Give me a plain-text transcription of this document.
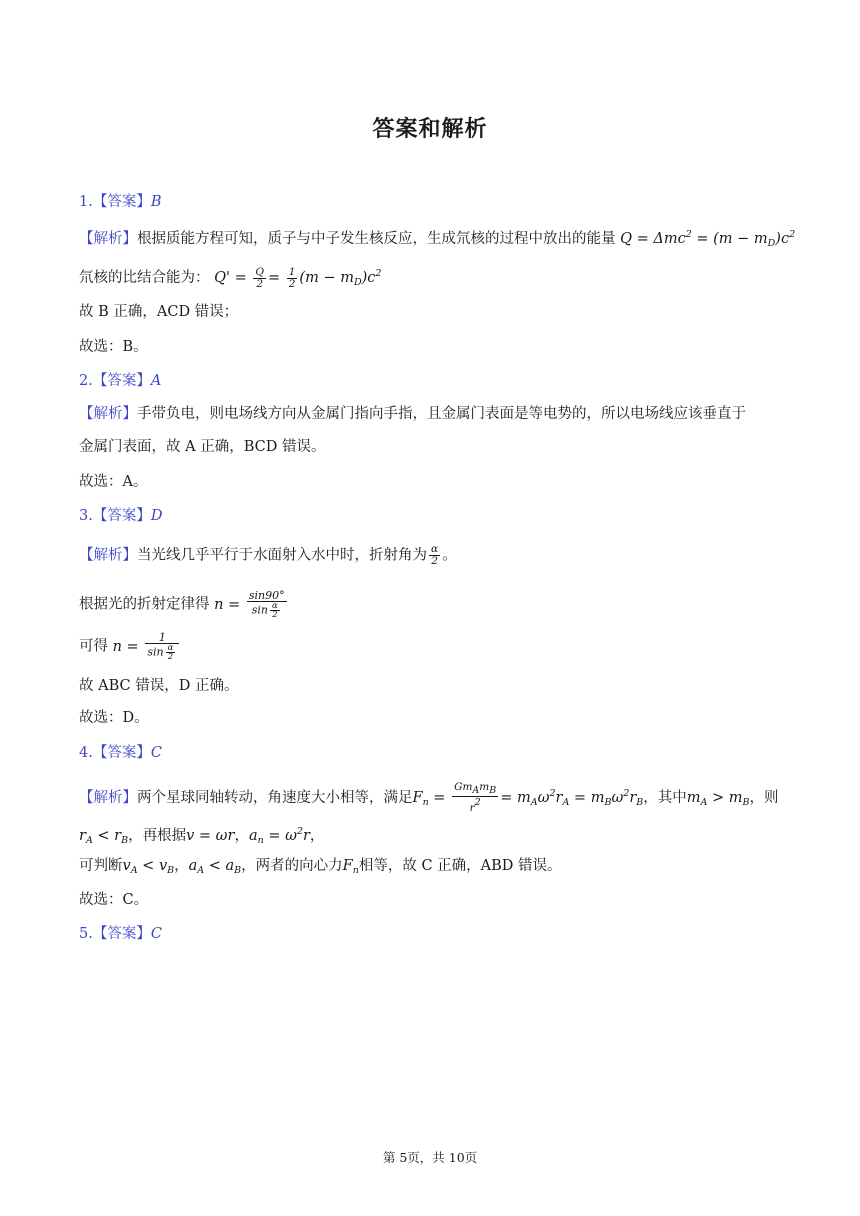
答案和解析
1.【答案】B
【解析】根据质能方程可知，质子与中子发生核反应，生成氘核的过程中放出的能量 $Q = \Delta mc^2 = (m - m_D)c^2$
氘核的比结合能为： $Q' = \frac{Q}{2} = \frac{1}{2} (m - m_D)c^2$
故 B 正确，ACD 错误；
故选：B。
2.【答案】A
【解析】手带负电，则电场线方向从金属门指向手指，且金属门表面是等电势的，所以电场线应该垂直于
金属门表面，故 A 正确，BCD 错误。
故选：A。
3.【答案】D
【解析】当光线几乎平行于水面射入水中时，折射角为 $\frac{\alpha}{2}$ 。
根据光的折射定律得 $n = \frac{\sin 90^\circ}{\sin \frac{\alpha}{2}}$
可得 $n = \frac{1}{\sin \frac{\alpha}{2}}$
故 ABC 错误，D 正确。
故选：D。
4.【答案】C
【解析】两个星球同轴转动，角速度大小相等，满足$F_n = \frac{\text{GmAmB}}{r2} = m_A\omega^2r_A = m_B\omega^2r_B$，其中$m_A > m_B$，则
$r_A < r_B$，再根据v = ωr，$a_n = \omega^2r$，
可判断$v_A < v_B$，$a_A < a_B$，两者的向心力$F_n$相等，故 C 正确，ABD 错误。
故选：C。
5.【答案】C
第 5页，共 10页
